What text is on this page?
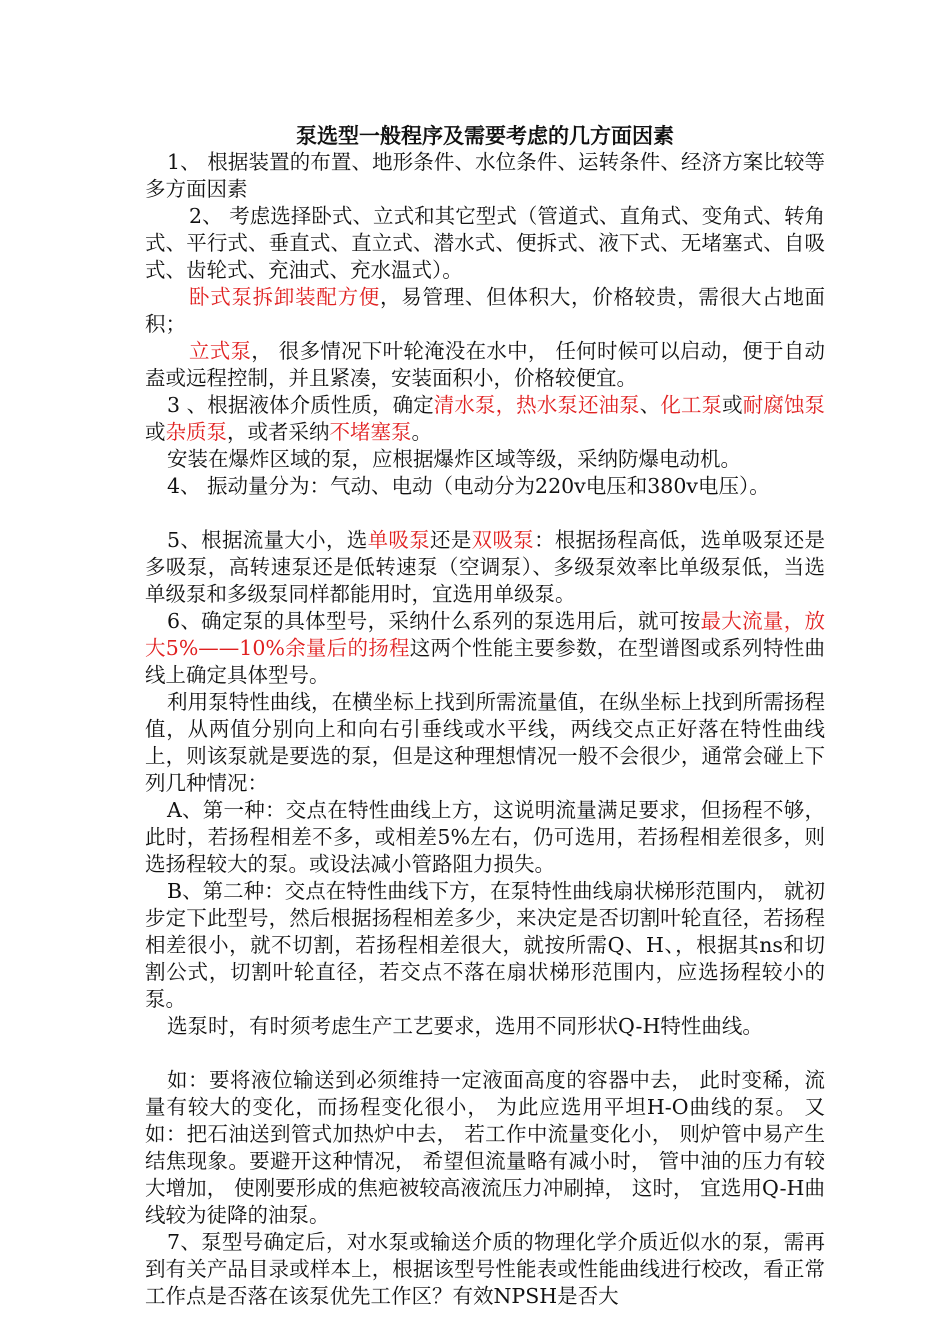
泵选型一般程序及需要考虑的几方面因素

1、 根据装置的布置、地形条件、水位条件、运转条件、经济方案比较等多方面因素

2、 考虑选择卧式、立式和其它型式（管道式、直角式、变角式、转角式、平行式、垂直式、直立式、潜水式、便拆式、液下式、无堵塞式、自吸式、齿轮式、充油式、充水温式）。

卧式泵拆卸装配方便，易管理、但体积大，价格较贵，需很大占地面积；

立式泵， 很多情况下叶轮淹没在水中， 任何时候可以启动，便于自动盍或远程控制，并且紧凑，安装面积小，价格较便宜。

3 、根据液体介质性质，确定清水泵，热水泵还油泵、化工泵或耐腐蚀泵或杂质泵，或者采纳不堵塞泵。

安装在爆炸区域的泵，应根据爆炸区域等级，采纳防爆电动机。

4、 振动量分为：气动、电动（电动分为220v电压和380v电压）。

5、根据流量大小，选单吸泵还是双吸泵：根据扬程高低，选单吸泵还是多吸泵，高转速泵还是低转速泵（空调泵）、多级泵效率比单级泵低，当选单级泵和多级泵同样都能用时，宜选用单级泵。

6、确定泵的具体型号，采纳什么系列的泵选用后，就可按最大流量，放大5%——10%余量后的扬程这两个性能主要参数，在型谱图或系列特性曲线上确定具体型号。

利用泵特性曲线，在横坐标上找到所需流量值，在纵坐标上找到所需扬程值，从两值分别向上和向右引垂线或水平线，两线交点正好落在特性曲线上，则该泵就是要选的泵，但是这种理想情况一般不会很少，通常会碰上下列几种情况：

A、第一种：交点在特性曲线上方，这说明流量满足要求，但扬程不够，此时，若扬程相差不多，或相差5%左右，仍可选用，若扬程相差很多，则选扬程较大的泵。或设法减小管路阻力损失。

B、第二种：交点在特性曲线下方，在泵特性曲线扇状梯形范围内， 就初步定下此型号，然后根据扬程相差多少，来决定是否切割叶轮直径，若扬程相差很小，就不切割，若扬程相差很大，就按所需Q、H、，根据其ns和切割公式，切割叶轮直径，若交点不落在扇状梯形范围内，应选扬程较小的泵。

选泵时，有时须考虑生产工艺要求，选用不同形状Q-H特性曲线。

如：要将液位输送到必须维持一定液面高度的容器中去， 此时变稀，流量有较大的变化，而扬程变化很小， 为此应选用平坦H-O曲线的泵。 又如：把石油送到管式加热炉中去， 若工作中流量变化小， 则炉管中易产生结焦现象。要避开这种情况， 希望但流量略有减小时， 管中油的压力有较大增加， 使刚要形成的焦疤被较高液流压力冲刷掉， 这时， 宜选用Q-H曲线较为徒降的油泵。

7、泵型号确定后，对水泵或输送介质的物理化学介质近似水的泵，需再到有关产品目录或样本上，根据该型号性能表或性能曲线进行校改，看正常工作点是否落在该泵优先工作区？有效NPSH是否大
